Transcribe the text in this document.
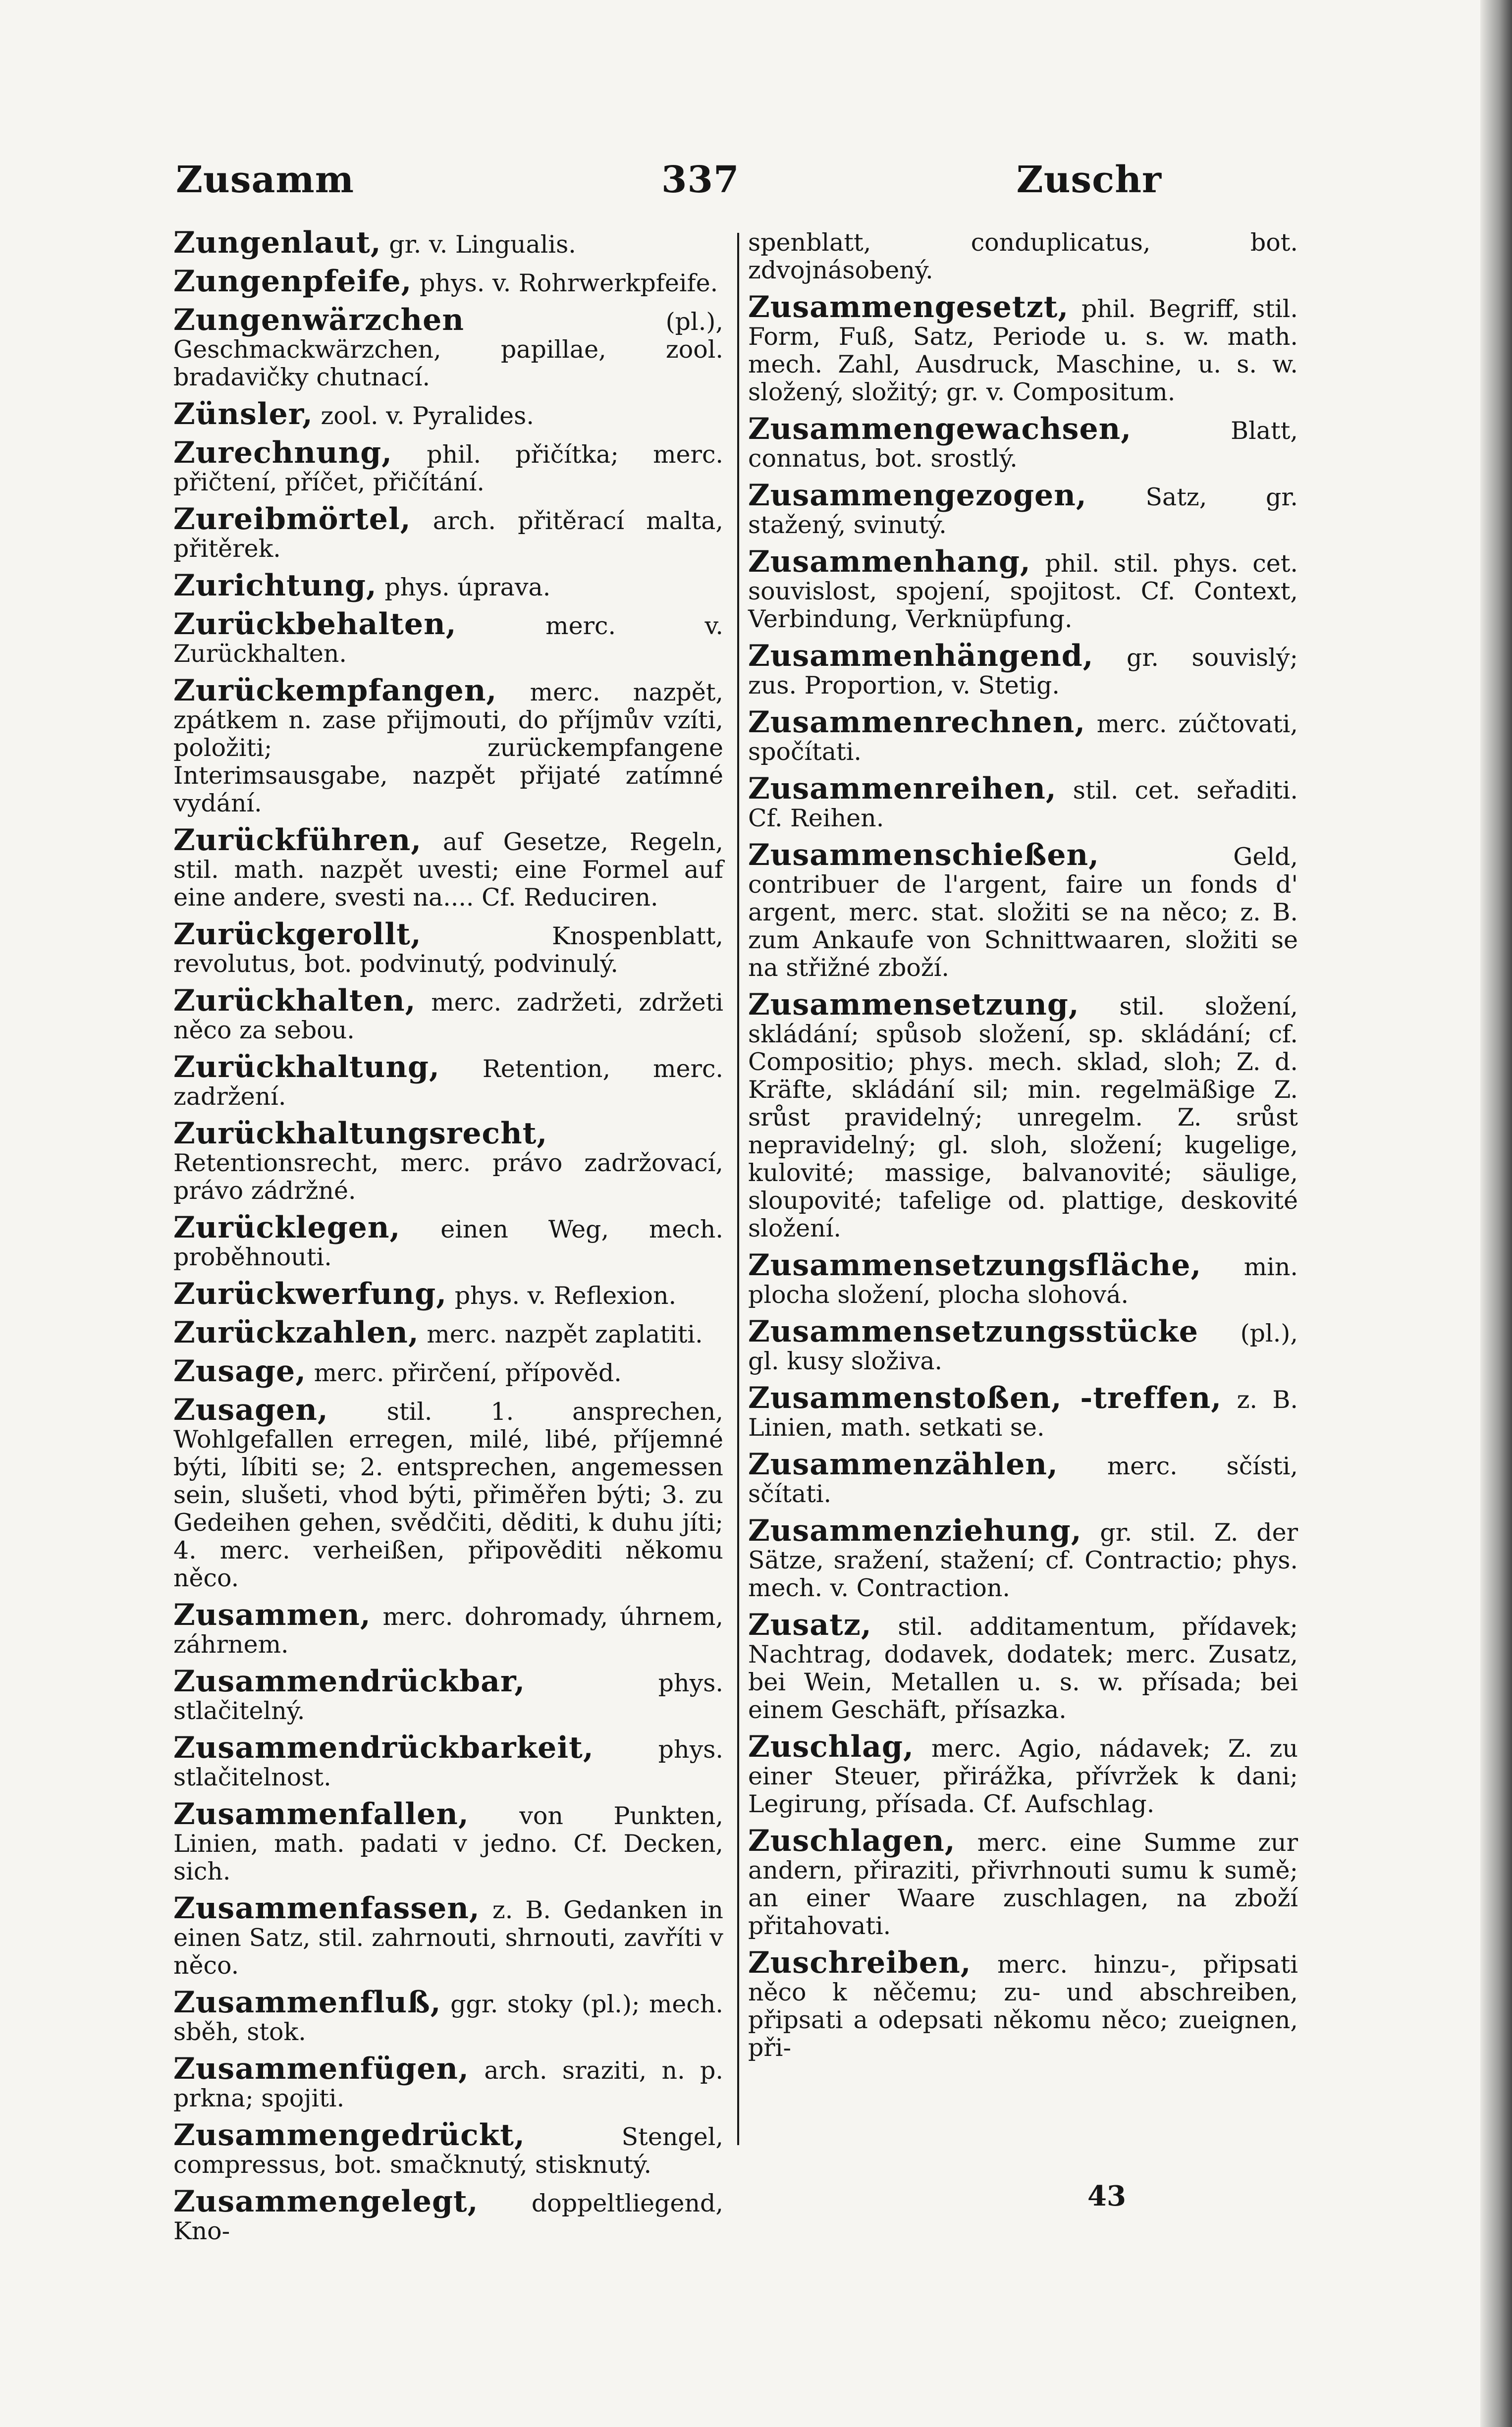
Zusamm	337	Zuschr

Zungenlaut, gr. v. Lingualis.

Zungenpfeife, phys. v. Rohrwerkpfeife.

Zungenwärzchen	(pl.), Geschmackwärzchen, papillae, zool. bradavičky chutnací.

Zünsler, zool. v. Pyralides.

Zurechnung, phil. přičítka; merc. přičtení, příčet, přičítání.

Zureibmörtel, arch. přitěrací malta, přitěrek.

Zurichtung, phys. úprava.

Zurückbehalten,	merc. v. Zurückhalten.

Zurückempfangen, merc. nazpět, zpátkem n. zase přijmouti, do příjmův vzíti, položiti; zurückempfangene Interimsausgabe, nazpět přijaté zatímné vydání.

Zurückführen, auf Gesetze, Regeln, stil. math. nazpět uvesti; eine Formel auf eine andere, svesti na.... Cf. Reduciren.

Zurückgerollt,	Knospenblatt, revolutus, bot. podvinutý, podvinulý.

Zurückhalten, merc. zadržeti, zdržeti něco za sebou.

Zurückhaltung, Retention, merc. zadržení.

Zurückhaltungsrecht, Retentionsrecht, merc. právo zadržovací, právo zádržné.

Zurücklegen, einen Weg, mech. proběhnouti.

Zurückwerfung, phys. v. Reflexion.

Zurückzahlen, merc. nazpět zaplatiti.

Zusage, merc. přirčení, přípověd.

Zusagen, stil. 1. ansprechen, Wohlgefallen erregen, milé, libé, příjemné býti, líbiti se; 2. entsprechen, angemessen sein, slušeti, vhod býti, přiměřen býti; 3. zu Gedeihen gehen, svědčiti, děditi, k duhu jíti; 4. merc. verheißen, připověditi někomu něco.

Zusammen, merc. dohromady, úhrnem, záhrnem.

Zusammendrückbar,	phys. stlačitelný.

Zusammendrückbarkeit,	phys. stlačitelnost.

Zusammenfallen, von Punkten, Linien, math. padati v jedno. Cf. Decken, sich.

Zusammenfassen, z. B. Gedanken in einen Satz, stil. zahrnouti, shrnouti, zavříti v něco.

Zusammenfluß, ggr. stoky (pl.); mech. sběh, stok.

Zusammenfügen, arch. sraziti, n. p. prkna; spojiti.

Zusammengedrückt,	Stengel, compressus, bot. smačknutý, stisknutý.

Zusammengelegt, doppeltliegend, Kno-

spenblatt, conduplicatus, bot. zdvojnásobený.

Zusammengesetzt, phil. Begriff, stil. Form, Fuß, Satz, Periode u. s. w. math. mech. Zahl, Ausdruck, Maschine, u. s. w. složený, složitý; gr. v. Compositum.

Zusammengewachsen,	Blatt, connatus, bot. srostlý.

Zusammengezogen, Satz, gr. stažený, svinutý.

Zusammenhang, phil. stil. phys. cet. souvislost, spojení, spojitost. Cf. Context, Verbindung, Verknüpfung.

Zusammenhängend, gr. souvislý; zus. Proportion, v. Stetig.

Zusammenrechnen, merc. zúčtovati, spočítati.

Zusammenreihen, stil. cet. seřaditi. Cf. Reihen.

Zusammenschießen,	Geld, contribuer de l'argent, faire un fonds d' argent, merc. stat. složiti se na něco; z. B. zum Ankaufe von Schnittwaaren, složiti se na střižné zboží.

Zusammensetzung, stil. složení, skládání; spůsob složení, sp. skládání; cf. Compositio; phys. mech. sklad, sloh; Z. d. Kräfte, skládání sil; min. regelmäßige Z. srůst pravidelný; unregelm. Z. srůst nepravidelný; gl. sloh, složení; kugelige, kulovité; massige, balvanovité; säulige, sloupovité; tafelige od. plattige, deskovité složení.

Zusammensetzungsfläche, min. plocha složení, plocha slohová.

Zusammensetzungsstücke (pl.), gl. kusy složiva.

Zusammenstoßen, -treffen, z. B. Linien, math. setkati se.

Zusammenzählen, merc. sčísti, sčítati.

Zusammenziehung, gr. stil. Z. der Sätze, sražení, stažení; cf. Contractio; phys. mech. v. Contraction.

Zusatz, stil. additamentum, přídavek; Nachtrag, dodavek, dodatek; merc. Zusatz, bei Wein, Metallen u. s. w. přísada; bei einem Geschäft, přísazka.

Zuschlag, merc. Agio, nádavek; Z. zu einer Steuer, přirážka, přívržek k dani; Legirung, přísada. Cf. Aufschlag.

Zuschlagen, merc. eine Summe zur andern, přiraziti, přivrhnouti sumu k sumě; an einer Waare zuschlagen, na zboží přitahovati.

Zuschreiben, merc. hinzu-, připsati něco k něčemu; zu- und abschreiben, připsati a odepsati někomu něco; zueignen, při-

43
